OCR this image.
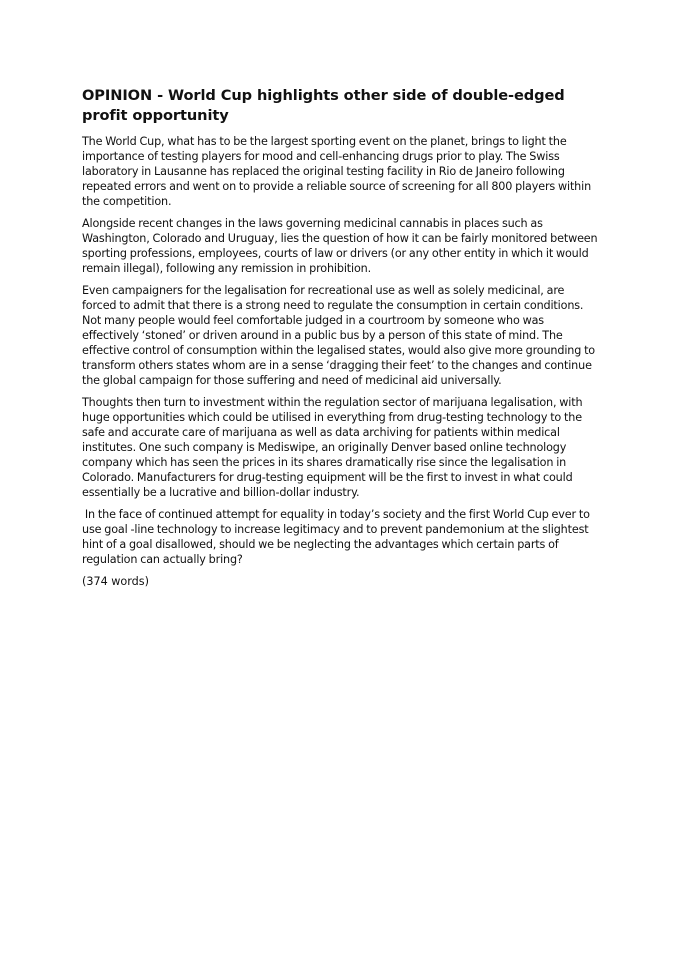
OPINION - World Cup highlights other side of double-edged profit opportunity

The World Cup, what has to be the largest sporting event on the planet, brings to light the importance of testing players for mood and cell-enhancing drugs prior to play. The Swiss laboratory in Lausanne has replaced the original testing facility in Rio de Janeiro following repeated errors and went on to provide a reliable source of screening for all 800 players within the competition.

Alongside recent changes in the laws governing medicinal cannabis in places such as Washington, Colorado and Uruguay, lies the question of how it can be fairly monitored between sporting professions, employees, courts of law or drivers (or any other entity in which it would remain illegal), following any remission in prohibition.

Even campaigners for the legalisation for recreational use as well as solely medicinal, are forced to admit that there is a strong need to regulate the consumption in certain conditions. Not many people would feel comfortable judged in a courtroom by someone who was effectively ‘stoned’ or driven around in a public bus by a person of this state of mind. The effective control of consumption within the legalised states, would also give more grounding to transform others states whom are in a sense ‘dragging their feet’ to the changes and continue the global campaign for those suffering and need of medicinal aid universally.

Thoughts then turn to investment within the regulation sector of marijuana legalisation, with huge opportunities which could be utilised in everything from drug-testing technology to the safe and accurate care of marijuana as well as data archiving for patients within medical institutes. One such company is Mediswipe, an originally Denver based online technology company which has seen the prices in its shares dramatically rise since the legalisation in Colorado. Manufacturers for drug-testing equipment will be the first to invest in what could essentially be a lucrative and billion-dollar industry.

In the face of continued attempt for equality in today’s society and the first World Cup ever to use goal -line technology to increase legitimacy and to prevent pandemonium at the slightest hint of a goal disallowed, should we be neglecting the advantages which certain parts of regulation can actually bring?

(374 words)
